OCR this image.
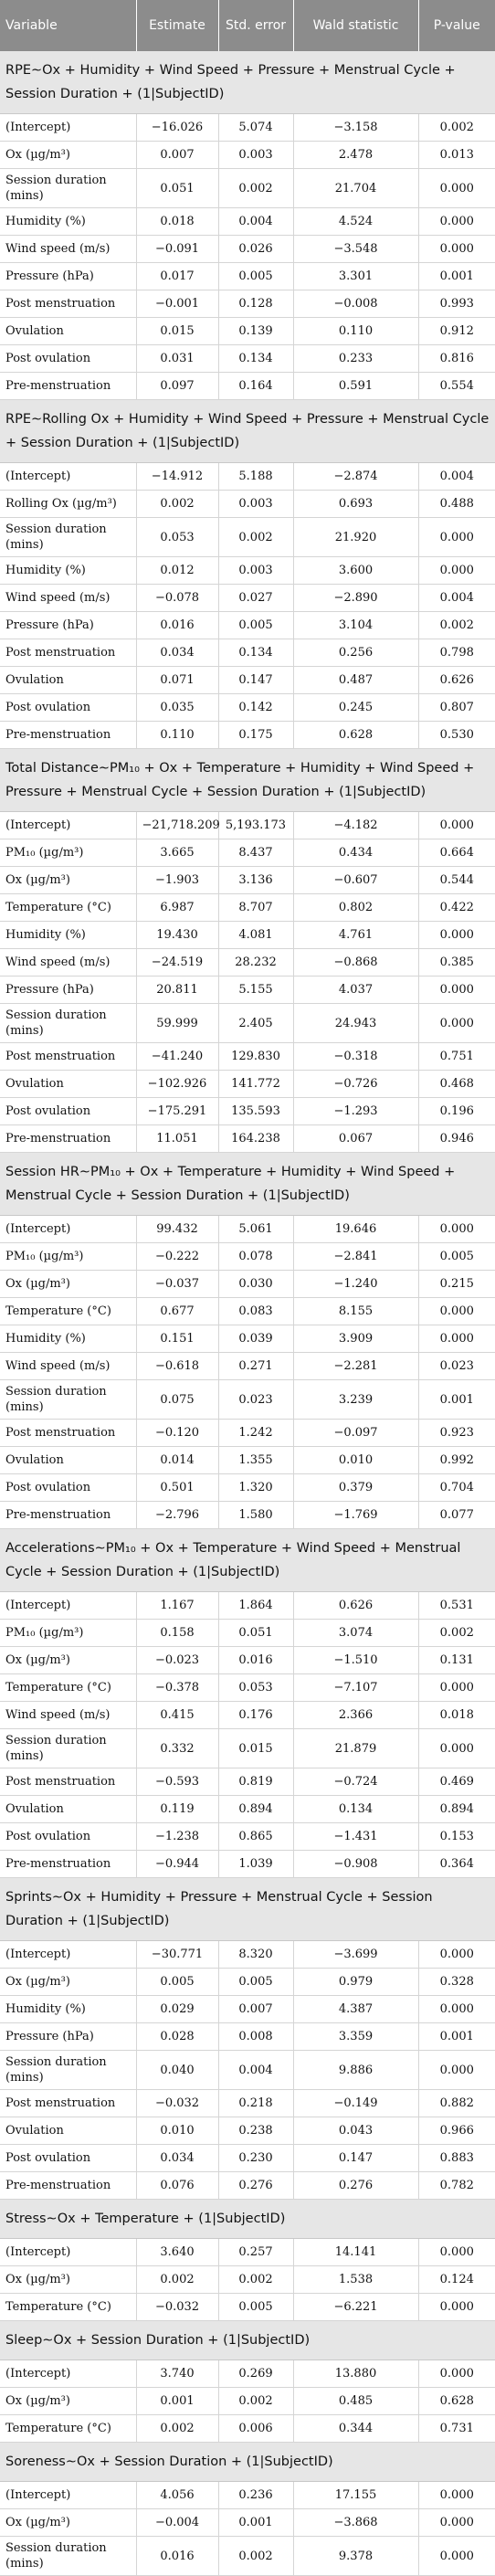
Variable	Estimate	Std. error	Wald statistic	P-value
RPE∼Ox + Humidity + Wind Speed + Pressure + Menstrual Cycle + Session Duration + (1|SubjectID)				
(Intercept)	−16.026	5.074	−3.158	0.002
Ox (µg/m³)	0.007	0.003	2.478	0.013
Session duration (mins)	0.051	0.002	21.704	0.000
Humidity (%)	0.018	0.004	4.524	0.000
Wind speed (m/s)	−0.091	0.026	−3.548	0.000
Pressure (hPa)	0.017	0.005	3.301	0.001
Post menstruation	−0.001	0.128	−0.008	0.993
Ovulation	0.015	0.139	0.110	0.912
Post ovulation	0.031	0.134	0.233	0.816
Pre-menstruation	0.097	0.164	0.591	0.554
RPE∼Rolling Ox + Humidity + Wind Speed + Pressure + Menstrual Cycle + Session Duration + (1|SubjectID)				
(Intercept)	−14.912	5.188	−2.874	0.004
Rolling Ox (µg/m³)	0.002	0.003	0.693	0.488
Session duration (mins)	0.053	0.002	21.920	0.000
Humidity (%)	0.012	0.003	3.600	0.000
Wind speed (m/s)	−0.078	0.027	−2.890	0.004
Pressure (hPa)	0.016	0.005	3.104	0.002
Post menstruation	0.034	0.134	0.256	0.798
Ovulation	0.071	0.147	0.487	0.626
Post ovulation	0.035	0.142	0.245	0.807
Pre-menstruation	0.110	0.175	0.628	0.530
Total Distance∼PM₁₀ + Ox + Temperature + Humidity + Wind Speed + Pressure + Menstrual Cycle + Session Duration + (1|SubjectID)				
(Intercept)	−21,718.209	5,193.173	−4.182	0.000
PM₁₀ (µg/m³)	3.665	8.437	0.434	0.664
Ox (µg/m³)	−1.903	3.136	−0.607	0.544
Temperature (°C)	6.987	8.707	0.802	0.422
Humidity (%)	19.430	4.081	4.761	0.000
Wind speed (m/s)	−24.519	28.232	−0.868	0.385
Pressure (hPa)	20.811	5.155	4.037	0.000
Session duration (mins)	59.999	2.405	24.943	0.000
Post menstruation	−41.240	129.830	−0.318	0.751
Ovulation	−102.926	141.772	−0.726	0.468
Post ovulation	−175.291	135.593	−1.293	0.196
Pre-menstruation	11.051	164.238	0.067	0.946
Session HR∼PM₁₀ + Ox + Temperature + Humidity + Wind Speed + Menstrual Cycle + Session Duration + (1|SubjectID)				
(Intercept)	99.432	5.061	19.646	0.000
PM₁₀ (µg/m³)	−0.222	0.078	−2.841	0.005
Ox (µg/m³)	−0.037	0.030	−1.240	0.215
Temperature (°C)	0.677	0.083	8.155	0.000
Humidity (%)	0.151	0.039	3.909	0.000
Wind speed (m/s)	−0.618	0.271	−2.281	0.023
Session duration (mins)	0.075	0.023	3.239	0.001
Post menstruation	−0.120	1.242	−0.097	0.923
Ovulation	0.014	1.355	0.010	0.992
Post ovulation	0.501	1.320	0.379	0.704
Pre-menstruation	−2.796	1.580	−1.769	0.077
Accelerations∼PM₁₀ + Ox + Temperature + Wind Speed + Menstrual Cycle + Session Duration + (1|SubjectID)				
(Intercept)	1.167	1.864	0.626	0.531
PM₁₀ (µg/m³)	0.158	0.051	3.074	0.002
Ox (µg/m³)	−0.023	0.016	−1.510	0.131
Temperature (°C)	−0.378	0.053	−7.107	0.000
Wind speed (m/s)	0.415	0.176	2.366	0.018
Session duration (mins)	0.332	0.015	21.879	0.000
Post menstruation	−0.593	0.819	−0.724	0.469
Ovulation	0.119	0.894	0.134	0.894
Post ovulation	−1.238	0.865	−1.431	0.153
Pre-menstruation	−0.944	1.039	−0.908	0.364
Sprints∼Ox + Humidity + Pressure + Menstrual Cycle + Session Duration + (1|SubjectID)				
(Intercept)	−30.771	8.320	−3.699	0.000
Ox (µg/m³)	0.005	0.005	0.979	0.328
Humidity (%)	0.029	0.007	4.387	0.000
Pressure (hPa)	0.028	0.008	3.359	0.001
Session duration (mins)	0.040	0.004	9.886	0.000
Post menstruation	−0.032	0.218	−0.149	0.882
Ovulation	0.010	0.238	0.043	0.966
Post ovulation	0.034	0.230	0.147	0.883
Pre-menstruation	0.076	0.276	0.276	0.782
Stress∼Ox + Temperature + (1|SubjectID)				
(Intercept)	3.640	0.257	14.141	0.000
Ox (µg/m³)	0.002	0.002	1.538	0.124
Temperature (°C)	−0.032	0.005	−6.221	0.000
Sleep∼Ox + Session Duration + (1|SubjectID)				
(Intercept)	3.740	0.269	13.880	0.000
Ox (µg/m³)	0.001	0.002	0.485	0.628
Temperature (°C)	0.002	0.006	0.344	0.731
Soreness∼Ox + Session Duration + (1|SubjectID)				
(Intercept)	4.056	0.236	17.155	0.000
Ox (µg/m³)	−0.004	0.001	−3.868	0.000
Session duration (mins)	0.016	0.002	9.378	0.000
